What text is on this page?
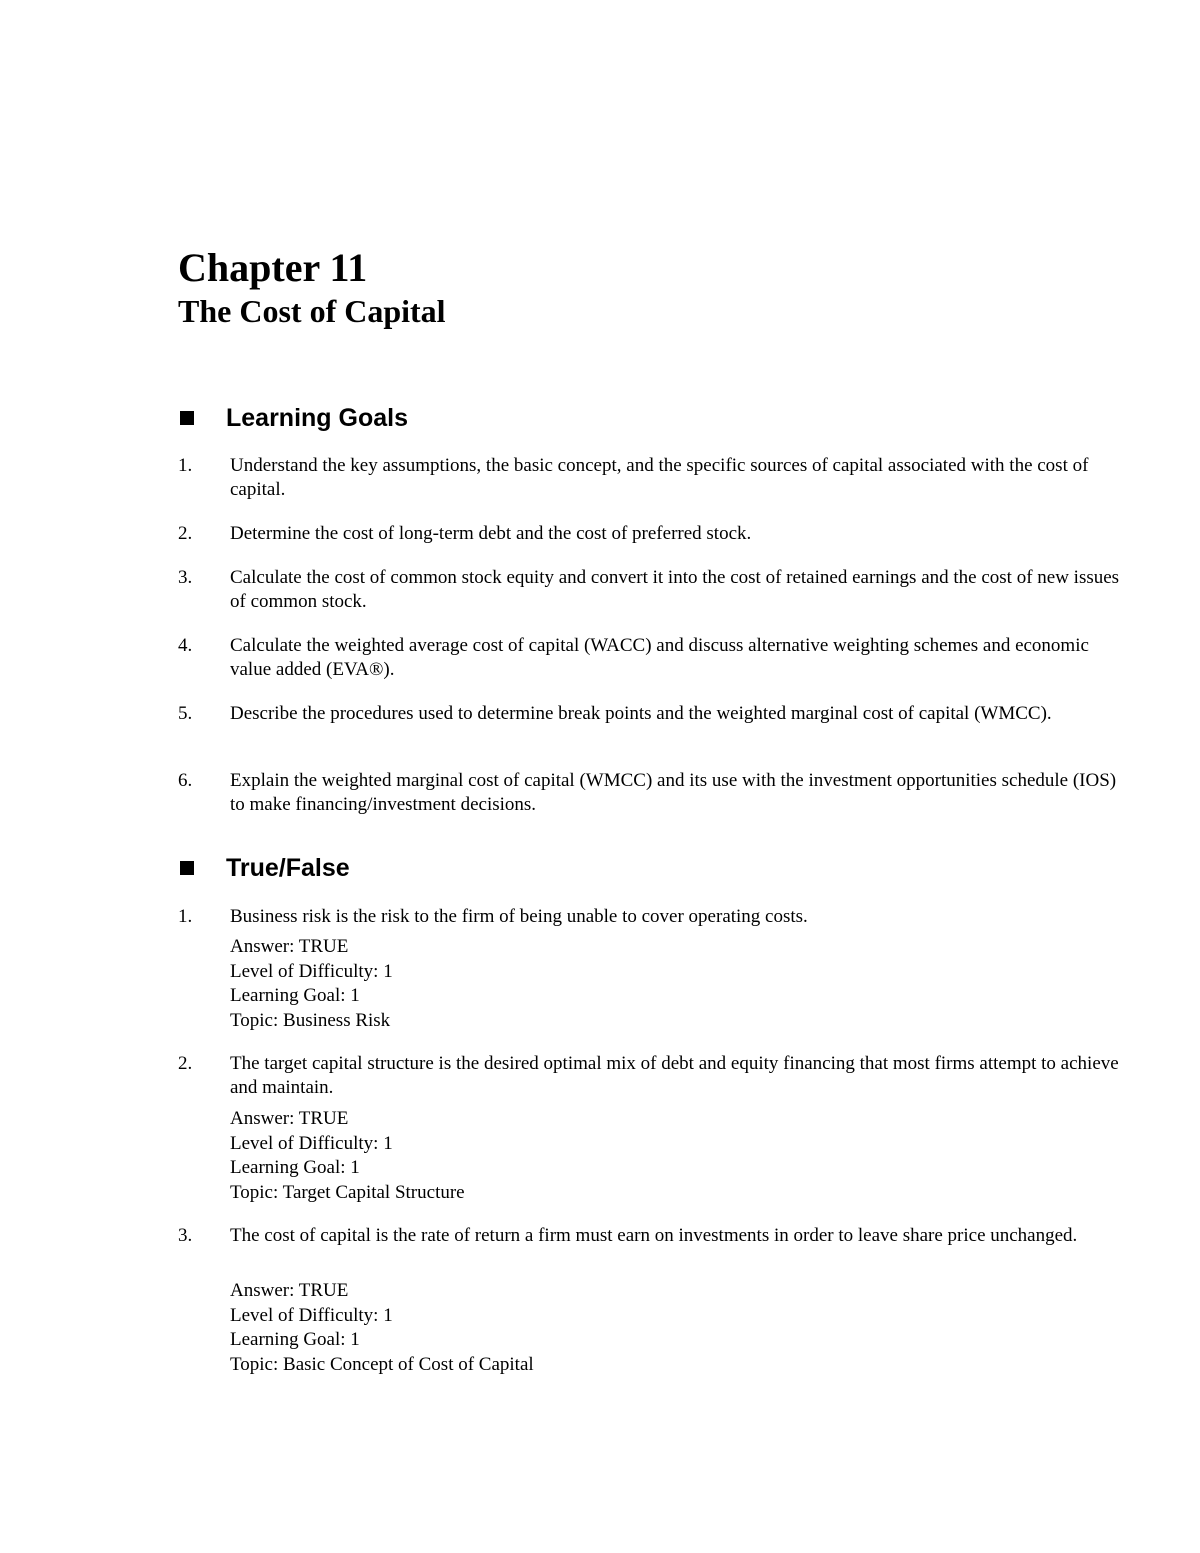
Chapter 11
The Cost of Capital
Learning Goals
1.	Understand the key assumptions, the basic concept, and the specific sources of capital associated with the cost of capital.
2.	Determine the cost of long-term debt and the cost of preferred stock.
3.	Calculate the cost of common stock equity and convert it into the cost of retained earnings and the cost of new issues of common stock.
4.	Calculate the weighted average cost of capital (WACC) and discuss alternative weighting schemes and economic value added (EVA®).
5.	Describe the procedures used to determine break points and the weighted marginal cost of capital (WMCC).
6.	Explain the weighted marginal cost of capital (WMCC) and its use with the investment opportunities schedule (IOS) to make financing/investment decisions.
True/False
1.	Business risk is the risk to the firm of being unable to cover operating costs.
Answer: TRUE
Level of Difficulty: 1
Learning Goal: 1
Topic: Business Risk
2.	The target capital structure is the desired optimal mix of debt and equity financing that most firms attempt to achieve and maintain.
Answer: TRUE
Level of Difficulty: 1
Learning Goal: 1
Topic: Target Capital Structure
3.	The cost of capital is the rate of return a firm must earn on investments in order to leave share price unchanged.
Answer: TRUE
Level of Difficulty: 1
Learning Goal: 1
Topic: Basic Concept of Cost of Capital
